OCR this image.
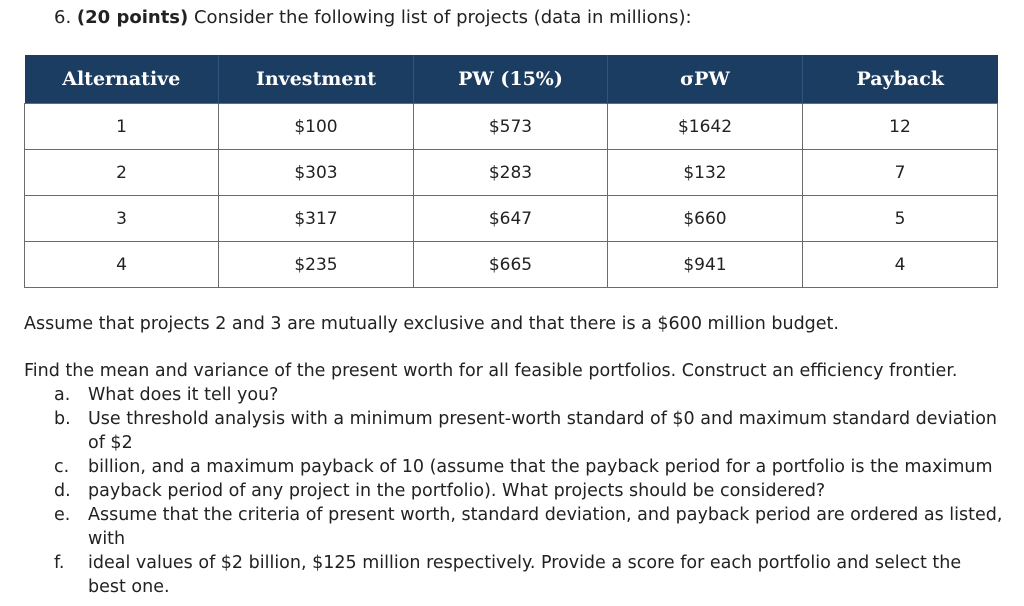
6. (20 points) Consider the following list of projects (data in millions):
Alternative	Investment	PW (15%)	σPW	Payback
1	$100	$573	$1642	12
2	$303	$283	$132	7
3	$317	$647	$660	5
4	$235	$665	$941	4
Assume that projects 2 and 3 are mutually exclusive and that there is a $600 million budget.
Find the mean and variance of the present worth for all feasible portfolios. Construct an efficiency frontier.
a.	What does it tell you?
b. Use threshold analysis with a minimum present-worth standard of $0 and maximum standard deviation of $2
c.	billion, and a maximum payback of 10 (assume that the payback period for a portfolio is the maximum
d. payback period of any project in the portfolio). What projects should be considered?
e.	Assume that the criteria of present worth, standard deviation, and payback period are ordered as listed, with
f.	ideal values of $2 billion, $125 million respectively. Provide a score for each portfolio and select the best one.
